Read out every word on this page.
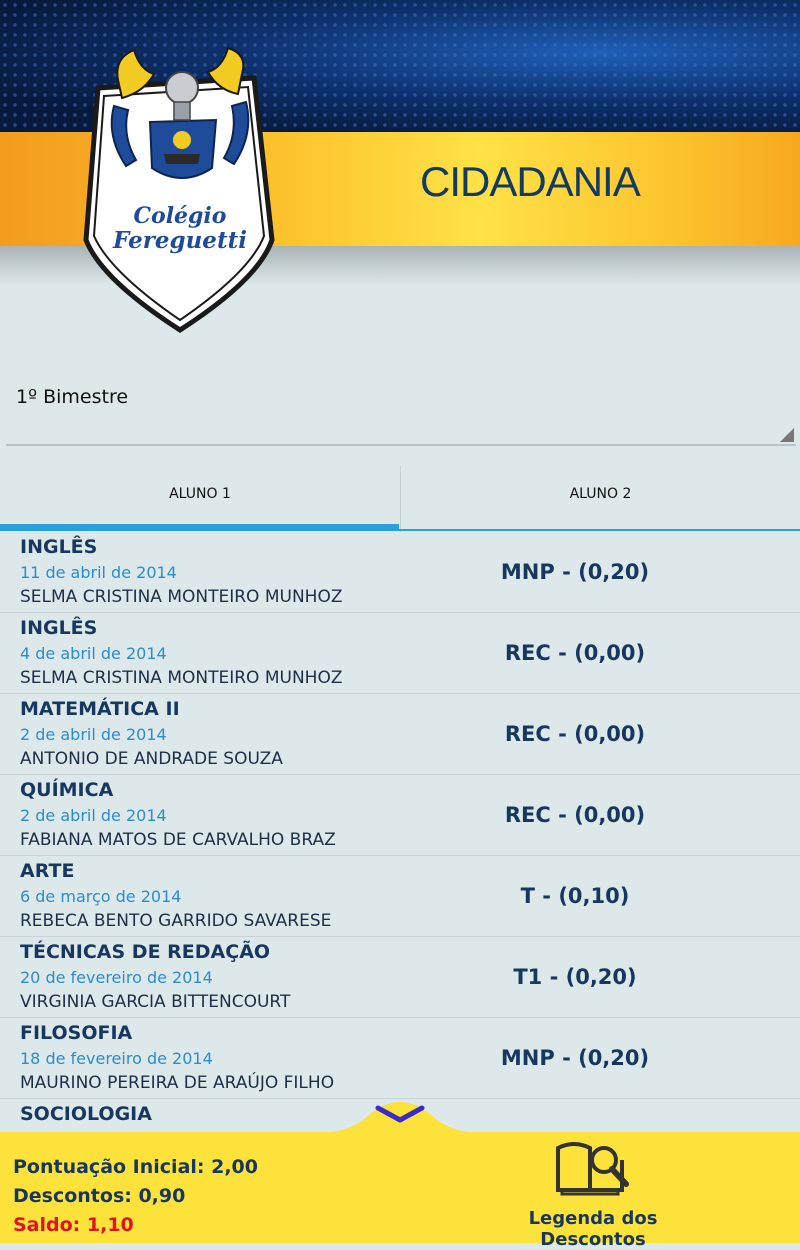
CIDADANIA
Colégio
Fereguetti
1º Bimestre
ALUNO 1	ALUNO 2
INGLÊS
11 de abril de 2014
SELMA CRISTINA MONTEIRO MUNHOZ
MNP - (0,20)
INGLÊS
4 de abril de 2014
SELMA CRISTINA MONTEIRO MUNHOZ
REC - (0,00)
MATEMÁTICA II
2 de abril de 2014
ANTONIO DE ANDRADE SOUZA
REC - (0,00)
QUÍMICA
2 de abril de 2014
FABIANA MATOS DE CARVALHO BRAZ
REC - (0,00)
ARTE
6 de março de 2014
REBECA BENTO GARRIDO SAVARESE
T - (0,10)
TÉCNICAS DE REDAÇÃO
20 de fevereiro de 2014
VIRGINIA GARCIA BITTENCOURT
T1 - (0,20)
FILOSOFIA
18 de fevereiro de 2014
MAURINO PEREIRA DE ARAÚJO FILHO
MNP - (0,20)
SOCIOLOGIA
Pontuação Inicial: 2,00
Descontos: 0,90
Saldo: 1,10	Legenda dos Descontos
